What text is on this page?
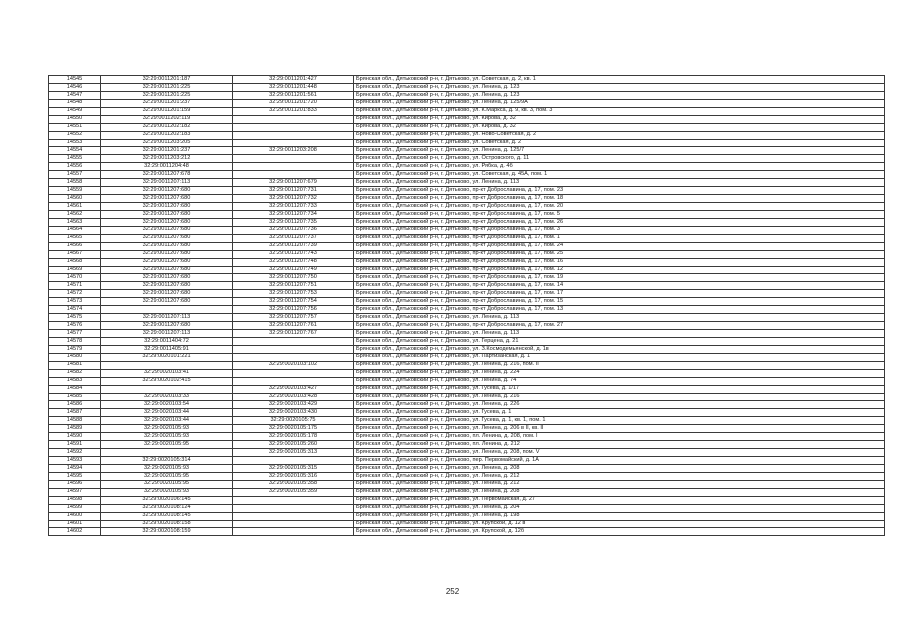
14545	32:29:0011201:187	32:29:0011201:427	Брянская обл., Дятьковский р-н, г. Дятьково, ул. Советская, д. 2, кв. 1
14546	32:29:0011201:225	32:29:0011201:448	Брянская обл., Дятьковский р-н, г. Дятьково, ул. Ленина, д. 123
14547	32:29:0011201:225	32:29:0011201:561	Брянская обл., Дятьковский р-н, г. Дятьково, ул. Ленина, д. 123
14548	32:29:0011201:237	32:29:0011201:720	Брянская обл., Дятьковский р-н, г. Дятьково, ул. Ленина, д. 125/9А
14549	32:29:0011201:159	32:29:0011201:833	Брянская обл., Дятьковский р-н, г. Дятьково, ул. К.Маркса, д. 9, кв. 3, пом. 3
14550	32:29:0011202:119		Брянская обл., Дятьковский р-н, г. Дятьково, ул. Кирова, д. 32
14551	32:29:0011202:182		Брянская обл., Дятьковский р-н, г. Дятьково, ул. Кирова, д. 32
14552	32:29:0011202:183		Брянская обл., Дятьковский р-н, г. Дятьково, ул. Ново-Советская, д. 2
14553	32:29:0011203:205		Брянская обл., Дятьковский р-н, г. Дятьково, ул. Советская, д. 2
14554	32:29:0011201:237	32:29:0011203:208	Брянская обл., Дятьковский р-н, г. Дятьково, ул. Ленина, д. 125/7
14555	32:29:0011203:212		Брянская обл., Дятьковский р-н, г. Дятьково, ул. Островского, д. 11
14556	32:29:0011204:48		Брянская обл., Дятьковский р-н, г. Дятьково, ул. Рябка, д. 4б
14557	32:29:0011207:678		Брянская обл., Дятьковский р-н, г. Дятьково, ул. Советская, д. 45А, пом. 1
14558	32:29:0011207:113	32:29:0011207:679	Брянская обл., Дятьковский р-н, г. Дятьково, ул. Ленина, д. 113
14559	32:29:0011207:680	32:29:0011207:731	Брянская обл., Дятьковский р-н, г. Дятьково, пр-кт Доброславина, д. 17, пом. 23
14560	32:29:0011207:680	32:29:0011207:732	Брянская обл., Дятьковский р-н, г. Дятьково, пр-кт Доброславина, д. 17, пом. 18
14561	32:29:0011207:680	32:29:0011207:733	Брянская обл., Дятьковский р-н, г. Дятьково, пр-кт Доброславина, д. 17, пом. 20
14562	32:29:0011207:680	32:29:0011207:734	Брянская обл., Дятьковский р-н, г. Дятьково, пр-кт Доброславина, д. 17, пом. 5
14563	32:29:0011207:680	32:29:0011207:735	Брянская обл., Дятьковский р-н, г. Дятьково, пр-кт Доброславина, д. 17, пом. 26
14564	32:29:0011207:680	32:29:0011207:736	Брянская обл., Дятьковский р-н, г. Дятьково, пр-кт Доброславина, д. 17, пом. 3
14565	32:29:0011207:680	32:29:0011207:737	Брянская обл., Дятьковский р-н, г. Дятьково, пр-кт Доброславина, д. 17, пом. 1
14566	32:29:0011207:680	32:29:0011207:739	Брянская обл., Дятьковский р-н, г. Дятьково, пр-кт Доброславина, д. 17, пом. 24
14567	32:29:0011207:680	32:29:0011207:743	Брянская обл., Дятьковский р-н, г. Дятьково, пр-кт Доброславина, д. 17, пом. 25
14568	32:29:0011207:680	32:29:0011207:748	Брянская обл., Дятьковский р-н, г. Дятьково, пр-кт Доброславина, д. 17, пом. 16
14569	32:29:0011207:680	32:29:0011207:749	Брянская обл., Дятьковский р-н, г. Дятьково, пр-кт Доброславина, д. 17, пом. 12
14570	32:29:0011207:680	32:29:0011207:750	Брянская обл., Дятьковский р-н, г. Дятьково, пр-кт Доброславина, д. 17, пом. 19
14571	32:29:0011207:680	32:29:0011207:751	Брянская обл., Дятьковский р-н, г. Дятьково, пр-кт Доброславина, д. 17, пом. 14
14572	32:29:0011207:680	32:29:0011207:753	Брянская обл., Дятьковский р-н, г. Дятьково, пр-кт Доброславина, д. 17, пом. 17
14573	32:29:0011207:680	32:29:0011207:754	Брянская обл., Дятьковский р-н, г. Дятьково, пр-кт Доброславина, д. 17, пом. 15
14574		32:29:0011207:756	Брянская обл., Дятьковский р-н, г. Дятьково, пр-кт Доброславина, д. 17, пом. 13
14575	32:29:0011207:113	32:29:0011207:757	Брянская обл., Дятьковский р-н, г. Дятьково, ул. Ленина, д. 113
14576	32:29:0011207:680	32:29:0011207:761	Брянская обл., Дятьковский р-н, г. Дятьково, пр-кт Доброславина, д. 17, пом. 27
14577	32:29:0011207:113	32:29:0011207:767	Брянская обл., Дятьковский р-н, г. Дятьково, ул. Ленина, д. 113
14578	32:29:0011404:72		Брянская обл., Дятьковский р-н, г. Дятьково, ул. Герцена, д. 21
14579	32:29:0011405:91		Брянская обл., Дятьковский р-н, г. Дятьково, ул. З.Космодемьянской, д. 1в
14580	32:29:0020101:221		Брянская обл., Дятьковский р-н, г. Дятьково, ул. Партизанская, д. 1
14581		32:29:0020103:102	Брянская обл., Дятьковский р-н, г. Дятьково, ул. Ленина, д. 216, пом. II
14582	32:29:0020103:41		Брянская обл., Дятьковский р-н, г. Дятьково, ул. Ленина, д. 224
14583	32:29:0020102:415		Брянская обл., Дятьковский р-н, г. Дятьково, ул. Ленина, д. 74
14584		32:29:0020103:427	Брянская обл., Дятьковский р-н, г. Дятьково, ул. Гусева, д. 1/17
14585	32:29:0020103:33	32:29:0020103:428	Брянская обл., Дятьковский р-н, г. Дятьково, ул. Ленина, д. 216
14586	32:29:0020103:54	32:29:0020103:429	Брянская обл., Дятьковский р-н, г. Дятьково, ул. Ленина, д. 226
14587	32:29:0020103:44	32:29:0020103:430	Брянская обл., Дятьковский р-н, г. Дятьково, ул. Гусева, д. 1
14588	32:29:0020103:44	32:29:0020105:75	Брянская обл., Дятьковский р-н, г. Дятьково, ул. Гусева, д. 1, кв. 1, пом. 1
14589	32:29:0020105:93	32:29:0020105:175	Брянская обл., Дятьковский р-н, г. Дятьково, ул. Ленина, д. 206 в II, кв. II
14590	32:29:0020105:93	32:29:0020105:178	Брянская обл., Дятьковский р-н, г. Дятьково, пл. Ленина, д. 208, пом. I
14591	32:29:0020105:95	32:29:0020105:260	Брянская обл., Дятьковский р-н, г. Дятьково, пл. Ленина, д. 212
14592		32:29:0020105:313	Брянская обл., Дятьковский р-н, г. Дятьково, ул. Ленина, д. 208, пом. V
14593	32:29:0020105:314		Брянская обл., Дятьковский р-н, г. Дятьково, пер. Первомайский, д. 1А
14594	32:29:0020105:93	32:29:0020105:315	Брянская обл., Дятьковский р-н, г. Дятьково, ул. Ленина, д. 208
14595	32:29:0020105:95	32:29:0020105:316	Брянская обл., Дятьковский р-н, г. Дятьково, ул. Ленина, д. 212
14596	32:29:0020105:95	32:29:0020105:358	Брянская обл., Дятьковский р-н, г. Дятьково, ул. Ленина, д. 212
14597	32:29:0020105:93	32:29:0020105:359	Брянская обл., Дятьковский р-н, г. Дятьково, ул. Ленина, д. 208
14598	32:29:0020106:145		Брянская обл., Дятьковский р-н, г. Дятьково, ул. Первомайская, д. 27
14599	32:29:0020108:124		Брянская обл., Дятьковский р-н, г. Дятьково, ул. Ленина, д. 204
14600	32:29:0020108:145		Брянская обл., Дятьковский р-н, г. Дятьково, ул. Ленина, д. 198
14601	32:29:0020108:158		Брянская обл., Дятьковский р-н, г. Дятьково, ул. Крупской, д. 12 в
14602	32:29:0020108:159		Брянская обл., Дятьковский р-н, г. Дятьково, ул. Крупской, д. 12б
252
